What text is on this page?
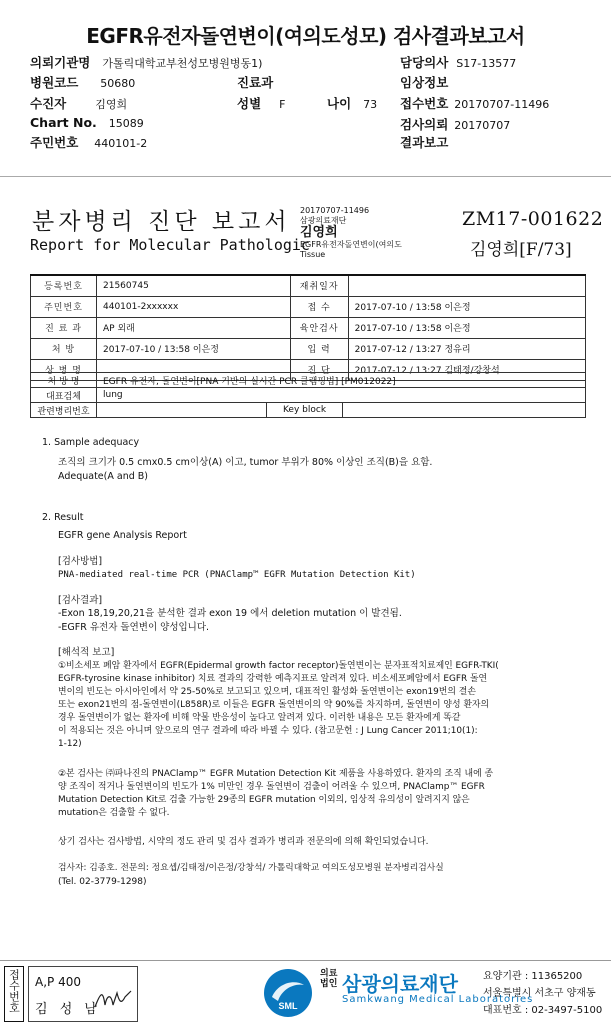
EGFR유전자돌연변이(여의도성모) 검사결과보고서
의뢰기관명 가톨릭대학교부천성모병원병동1)	담당의사 S17-13577
병원코드 50680	진료과	임상정보
수진자	김영희	성별 F	나이 73 접수번호 20170707-11496
Chart No. 15089	검사의뢰 20170707
주민번호 440101-2	결과보고
분자병리 진단 보고서
Report for Molecular Pathologic
20170707-11496
삼광의료재단
김영희
EGFR유전자돌연변이(여의도
Tissue
ZM17-001622
김영희[F/73]
등록번호	21560745	재취일자	
주민번호	440101-2xxxxxx	접 수	2017-07-10 / 13:58 이은정
진 료 과	AP 외래	육안검사	2017-07-10 / 13:58 이은정
처 방	2017-07-10 / 13:58 이은정	입 력	2017-07-12 / 13:27 정유리
상 병 명		진 단	2017-07-12 / 13:27 김태정/강창석
처 방 명	EGFR 유전자, 돌연변이[PNA 기반의 실시간 PCR 클램핑법] [PM012022]		
대표검체	lung		
관련병리번호		Key block	
1. Sample adequacy
조직의 크기가 0.5 cmx0.5 cm이상(A) 이고, tumor 부위가 80% 이상인 조직(B)을 요함.
Adequate(A and B)
2. Result
EGFR gene Analysis Report
[검사방법]
PNA-mediated real-time PCR (PNAClamp™ EGFR Mutation Detection Kit)
[검사결과]
-Exon 18,19,20,21을 분석한 결과 exon 19 에서 deletion mutation 이 발견됨.
-EGFR 유전자 돌연변이 양성입니다.
[해석적 보고]
①비소세포 폐암 환자에서 EGFR(Epidermal growth factor receptor)돌연변이는 분자표적치료제인 EGFR-TKI(
EGFR-tyrosine kinase inhibitor) 치료 결과의 강력한 예측지표로 알려져 있다. 비소세포폐암에서 EGFR 돌연
변이의 빈도는 아시아인에서 약 25-50%로 보고되고 있으며, 대표적인 활성화 돌연변이는 exon19번의 결손
또는 exon21번의 점-돌연변이(L858R)로 이들은 EGFR 돌연변이의 약 90%를 차지하며, 돌연변이 양성 환자의
경우 돌연변이가 없는 환자에 비해 약물 반응성이 높다고 알려져 있다. 이러한 내용은 모든 환자에게 똑같
이 적용되는 것은 아니며 앞으로의 연구 결과에 따라 바뀔 수 있다. (참고문헌 : J Lung Cancer 2011;10(1):
1-12)
②본 검사는 ㈜파나진의 PNAClamp™ EGFR Mutation Detection Kit 제품을 사용하였다. 환자의 조직 내에 종
양 조직이 적거나 돌연변이의 빈도가 1% 미만인 경우 돌연변이 검출이 어려울 수 있으며, PNAClamp™ EGFR
Mutation Detection Kit로 검출 가능한 29종의 EGFR mutation 이외의, 임상적 유의성이 알려지지 않은
mutation은 검출할 수 없다.
상기 검사는 검사방법, 시약의 정도 관리 및 검사 결과가 병리과 전문의에 의해 확인되었습니다.
검사자: 김종호. 전문의: 정요셉/김태정/이은정/강창석/ 가톨릭대학교 여의도성모병원 분자병리검사실
(Tel. 02-3779-1298)
접수번호 A,P 400
김 성 남	SML
의료
법인 삼광의료재단
Samkwang Medical Laboratories
요양기관 : 11365200
서울특별시 서초구 양재동
대표번호 : 02-3497-5100
